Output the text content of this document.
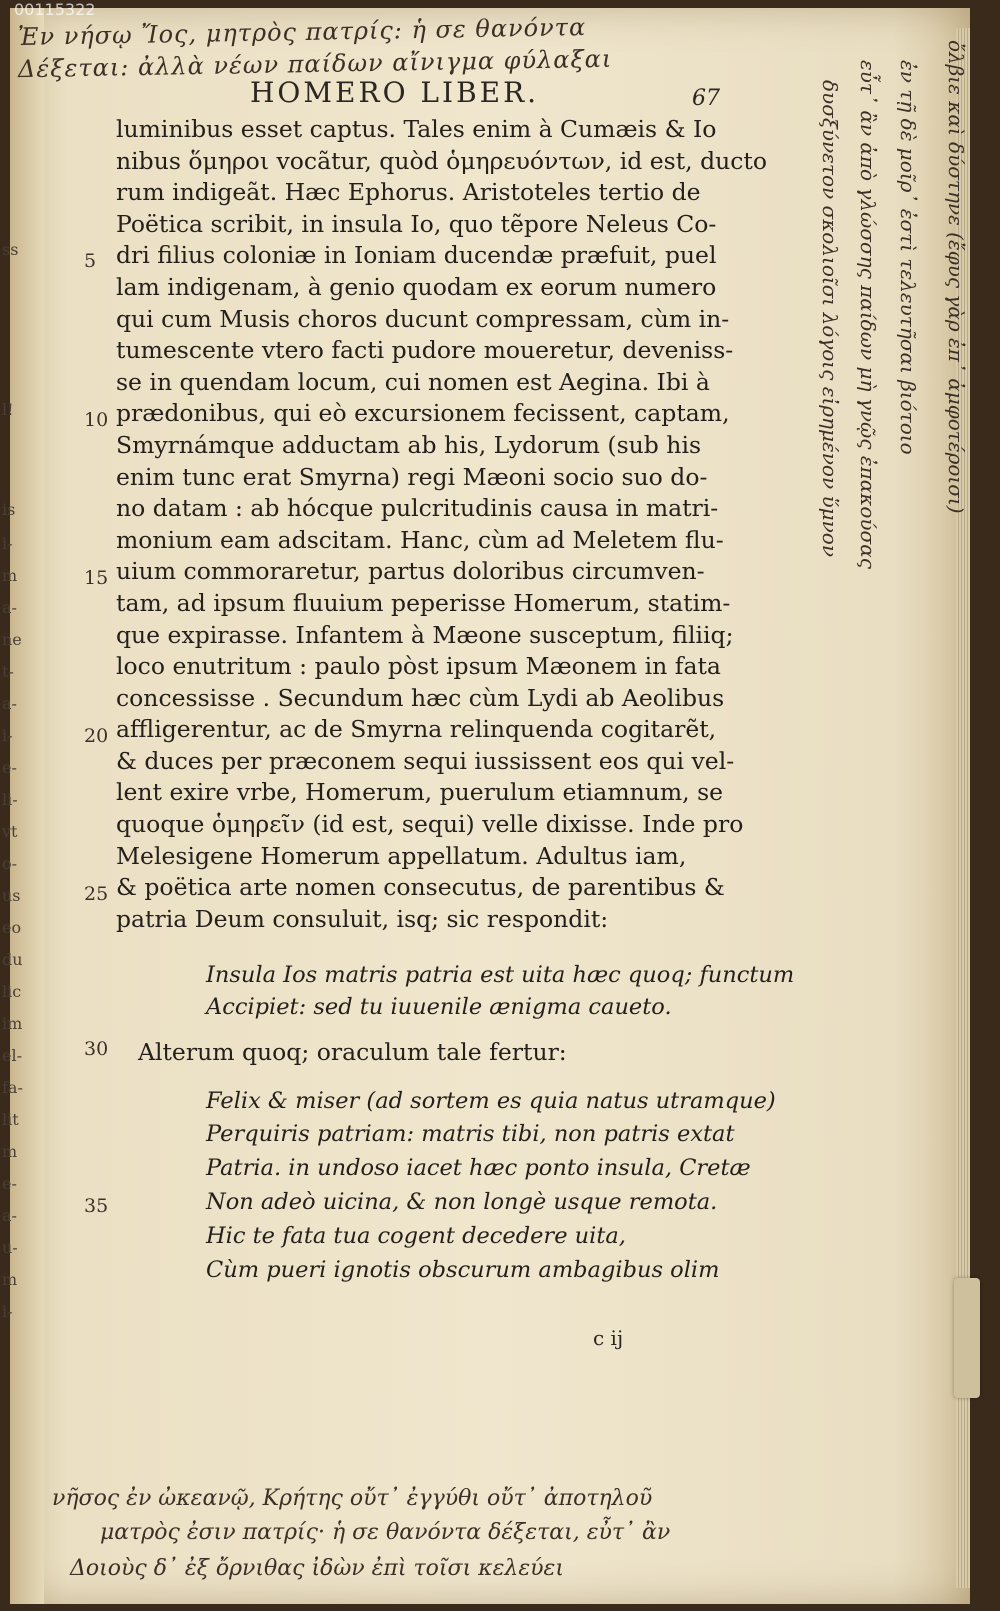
00115322
Ἐν νήσῳ Ἴος, μητρὸς πατρίς: ἡ σε θανόντα
Δέξεται: ἀλλὰ νέων παίδων αἴνιγμα φύλαξαι
HOMERO LIBER.	67
luminibus esset captus. Tales enim à Cumæis & Io
nibus ὅμηροι vocãtur, quòd ὁμηρευόντων, id est, ducto
rum indigeãt. Hæc Ephorus. Aristoteles tertio de
Poëtica scribit, in insula Io, quo tẽpore Neleus Co-
dri filius coloniæ in Ioniam ducendæ præfuit, puel
lam indigenam, à genio quodam ex eorum numero
qui cum Musis choros ducunt compressam, cùm in-
tumescente vtero facti pudore moueretur, deveniss-
se in quendam locum, cui nomen est Aegina. Ibi à
prædonibus, qui eò excursionem fecissent, captam,
Smyrnámque adductam ab his, Lydorum (sub his
enim tunc erat Smyrna) regi Mæoni socio suo do-
no datam : ab hócque pulcritudinis causa in matri-
monium eam adscitam. Hanc, cùm ad Meletem flu-
uium commoraretur, partus doloribus circumven-
tam, ad ipsum fluuium peperisse Homerum, statim-
que expirasse. Infantem à Mæone susceptum, filiiq;
loco enutritum : paulo pòst ipsum Mæonem in fata
concessisse . Secundum hæc cùm Lydi ab Aeolibus
affligerentur, ac de Smyrna relinquenda cogitarẽt,
& duces per præconem sequi iussissent eos qui vel-
lent exire vrbe, Homerum, puerulum etiamnum, se
quoque ὁμηρεῖν (id est, sequi) velle dixisse. Inde pro
Melesigene Homerum appellatum. Adultus iam,
& poëtica arte nomen consecutus, de parentibus &
patria Deum consuluit, isq; sic respondit:
5
10
15
20
25
30
35
Insula Ios matris patria est uita hæc quoq; functum
Accipiet: sed tu iuuenile ænigma caueto.
Alterum quoq; oraculum tale fertur:
Felix & miser (ad sortem es quia natus utramque)
Perquiris patriam: matris tibi, non patris extat
Patria. in undoso iacet hæc ponto insula, Cretæ
Non adeò uicina, & non longè usque remota.
Hic te fata tua cogent decedere uita,
Cùm pueri ignotis obscurum ambagibus olim
c ij
ss
l!
is
i-
m
a-
ne
t-
a-
i-
e-
li-
vt
o-
us
eo
du
lic
im
el-
fa-
lit
m
e-
a-
u-
m
i-
ὄλβιε καὶ δύστηνε (ἔφυς γὰρ ἐπ᾽ ἀμφοτέροισι)
ἐν τῇ δὲ μοῖρ᾽ ἐστὶ τελευτῆσαι βιότοιο
εὖτ᾽ ἂν ἀπὸ γλώσσης παίδων μὴ γνῷς ἐπακούσας
δυσξύνετον σκολιοῖσι λόγοις εἰρημένον ὕμνον
νῆσος ἐν ὠκεανῷ, Κρήτης οὔτ᾽ ἐγγύθι οὔτ᾽ ἀποτηλοῦ
ματρὸς ἐσιν πατρίς· ἡ σε θανόντα δέξεται, εὖτ᾽ ἂν
Δοιοὺς δ᾽ ἐξ ὄρνιθας ἰδὼν ἐπὶ τοῖσι κελεύει
